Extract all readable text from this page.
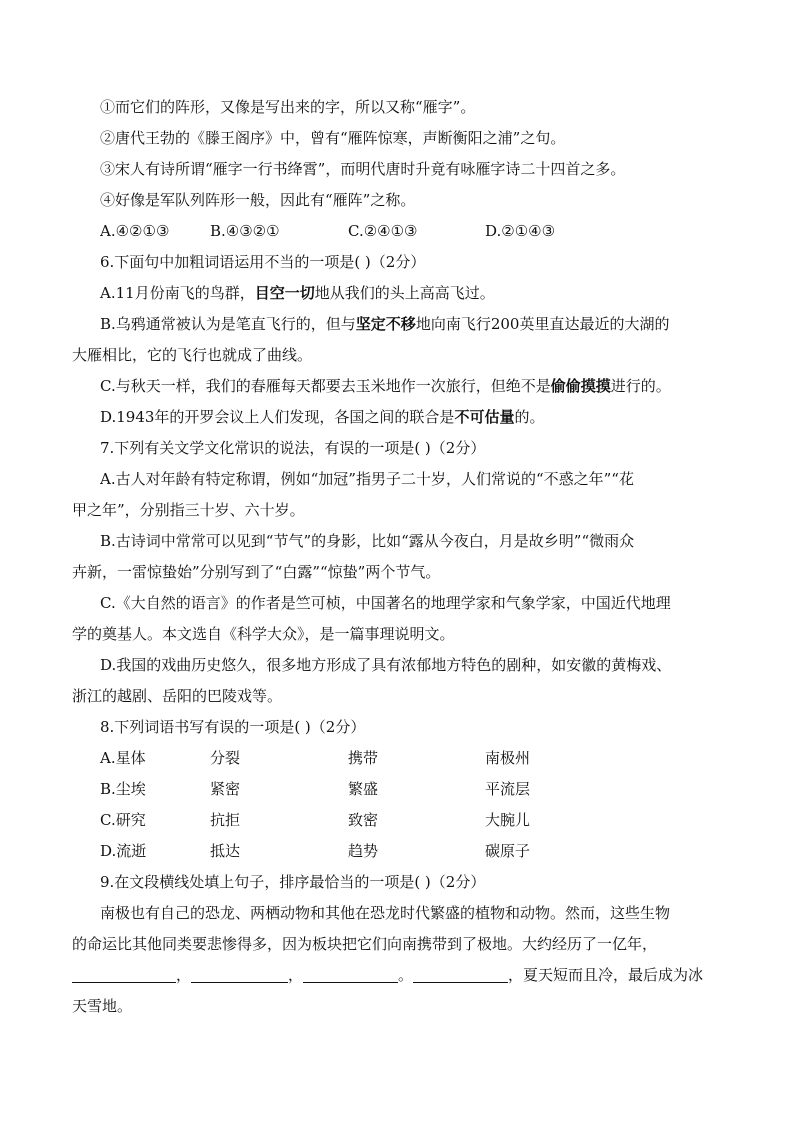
①而它们的阵形，又像是写出来的字，所以又称“雁字”。
②唐代王勃的《滕王阁序》中，曾有“雁阵惊寒，声断衡阳之浦”之句。
③宋人有诗所谓“雁字一行书绛霄”，而明代唐时升竟有咏雁字诗二十四首之多。
④好像是军队列阵形一般，因此有“雁阵”之称。
A.④②①③	B.④③②①	C.②④①③	D.②①④③
6.下面句中加粗词语运用不当的一项是( )（2分）
A.11月份南飞的鸟群，目空一切地从我们的头上高高飞过。
B.乌鸦通常被认为是笔直飞行的，但与坚定不移地向南飞行200英里直达最近的大湖的
大雁相比，它的飞行也就成了曲线。
C.与秋天一样，我们的春雁每天都要去玉米地作一次旅行，但绝不是偷偷摸摸进行的。
D.1943年的开罗会议上人们发现，各国之间的联合是不可估量的。
7.下列有关文学文化常识的说法，有误的一项是( )（2分）
A.古人对年龄有特定称谓，例如“加冠”指男子二十岁，人们常说的“不惑之年”“花
甲之年”，分别指三十岁、六十岁。
B.古诗词中常常可以见到“节气”的身影，比如“露从今夜白，月是故乡明”“微雨众
卉新，一雷惊蛰始”分别写到了“白露”“惊蛰”两个节气。
C.《大自然的语言》的作者是竺可桢，中国著名的地理学家和气象学家，中国近代地理
学的奠基人。本文选自《科学大众》，是一篇事理说明文。
D.我国的戏曲历史悠久，很多地方形成了具有浓郁地方特色的剧种，如安徽的黄梅戏、
浙江的越剧、岳阳的巴陵戏等。
8.下列词语书写有误的一项是( )（2分）
A.星体	分裂	携带	南极州
B.尘埃	紧密	繁盛	平流层
C.研究	抗拒	致密	大腕儿
D.流逝	抵达	趋势	碳原子
9.在文段横线处填上句子，排序最恰当的一项是( )（2分）
南极也有自己的恐龙、两栖动物和其他在恐龙时代繁盛的植物和动物。然而，这些生物
的命运比其他同类要悲惨得多，因为板块把它们向南携带到了极地。大约经历了一亿年，
，	，	。	，夏天短而且冷，最后成为冰
天雪地。
